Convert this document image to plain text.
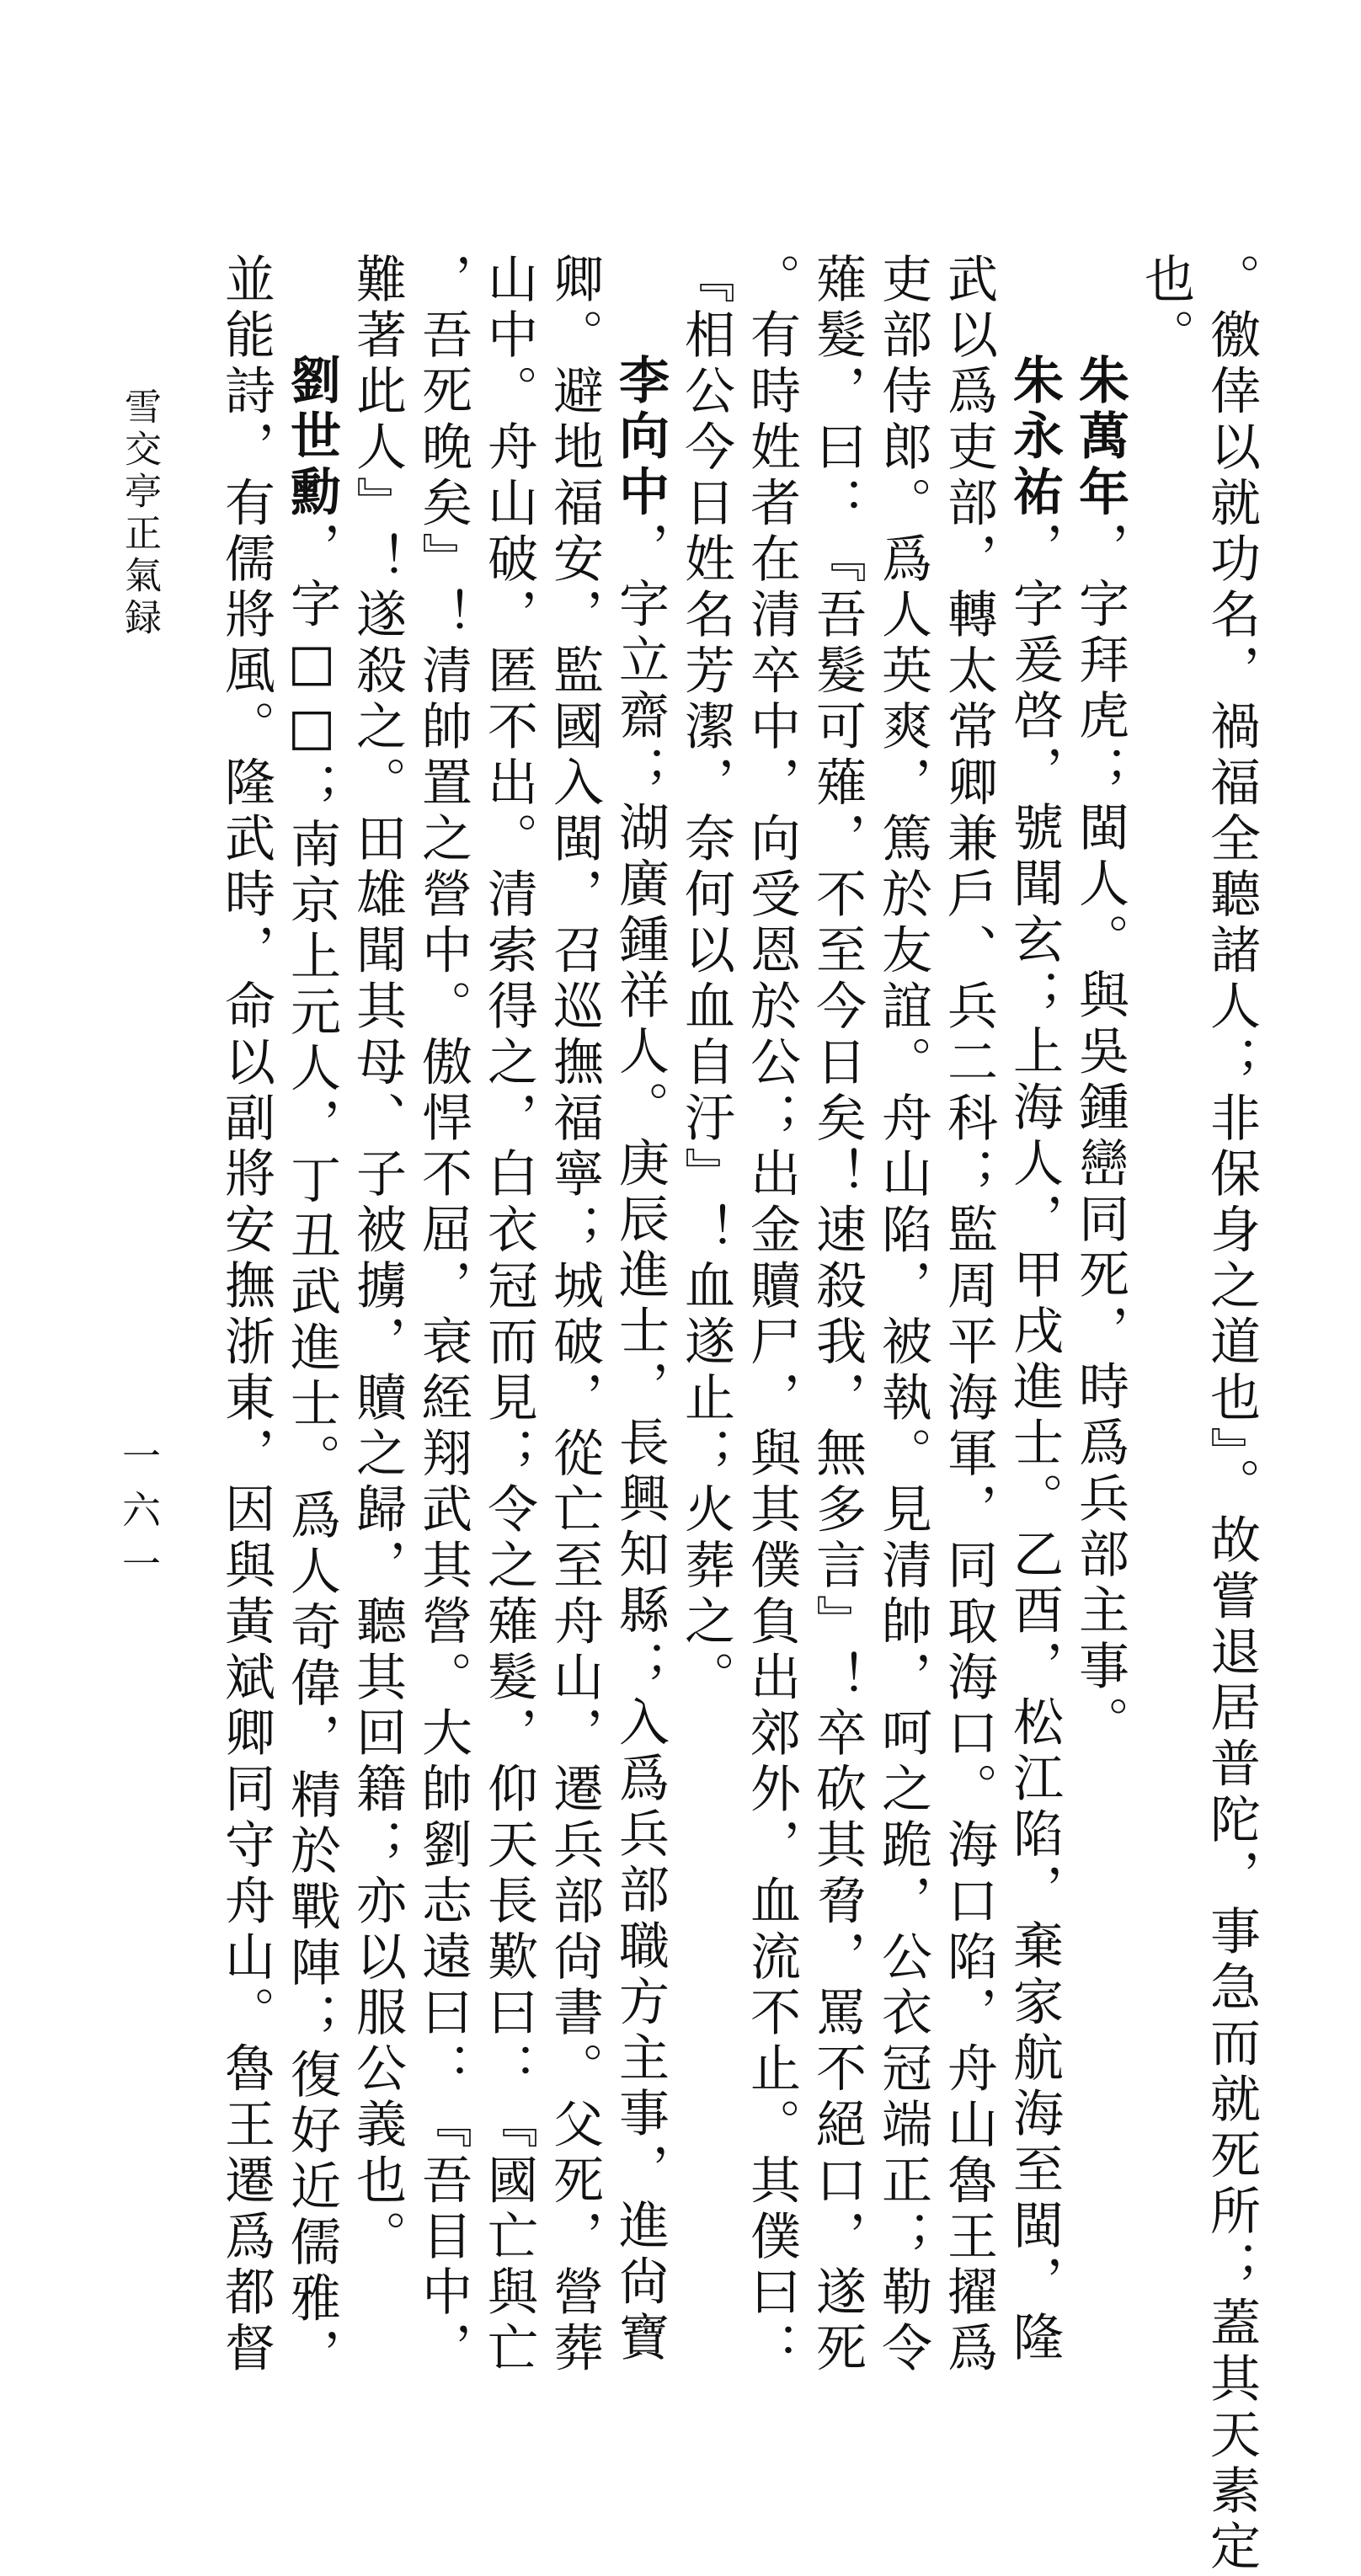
。徼倖以就功名，禍福全聽諸人；非保身之道也』。故嘗退居普陀，事急而就死所；蓋其天素定
也。
朱萬年，字拜虎；閩人。與吳鍾巒同死，時爲兵部主事。
朱永祐，字爰啓，號聞玄；上海人，甲戌進士。乙酉，松江陷，棄家航海至閩，隆
武以爲吏部，轉太常卿兼戶、兵二科；監周平海軍，同取海口。海口陷，舟山魯王擢爲
吏部侍郎。爲人英爽，篤於友誼。舟山陷，被執。見清帥，呵之跪，公衣冠端正；勒令
薙髮，曰：『吾髮可薙，不至今日矣！速殺我，無多言』！卒砍其脅，罵不絕口，遂死
。有時姓者在清卒中，向受恩於公；出金贖尸，與其僕負出郊外，血流不止。其僕曰：
『相公今日姓名芳潔，奈何以血自汙』！血遂止；火葬之。
李向中，字立齋；湖廣鍾祥人。庚辰進士，長興知縣；入爲兵部職方主事，進尙寶
卿。避地福安，監國入閩，召巡撫福寧；城破，從亡至舟山，遷兵部尙書。父死，營葬
山中。舟山破，匿不出。清索得之，白衣冠而見；令之薙髮，仰天長歎曰：『國亡與亡
，吾死晚矣』！清帥置之營中。傲悍不屈，衰絰翔武其營。大帥劉志遠曰：『吾目中，
難著此人』！遂殺之。田雄聞其母、子被擄，贖之歸，聽其回籍；亦以服公義也。
劉世勳，字□□；南京上元人，丁丑武進士。爲人奇偉，精於戰陣；復好近儒雅，
並能詩，有儒將風。隆武時，命以副將安撫浙東，因與黃斌卿同守舟山。魯王遷爲都督
雪交亭正氣録
一六一
